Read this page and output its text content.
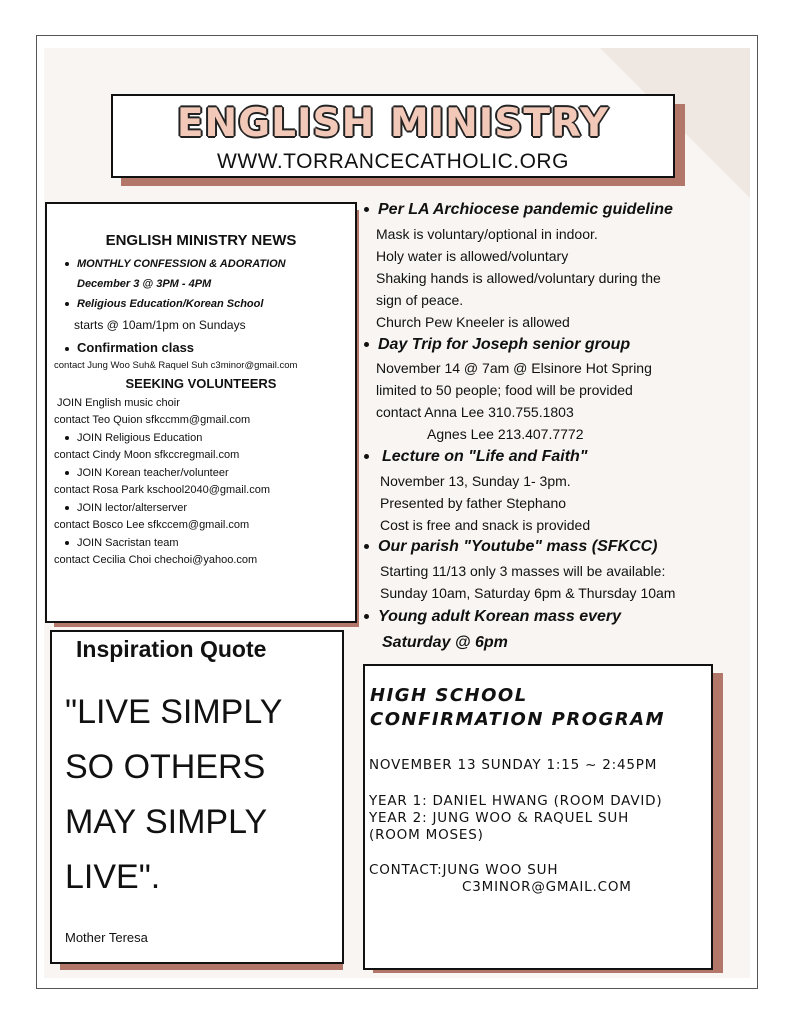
ENGLISH MINISTRY
WWW.TORRANCECATHOLIC.ORG
ENGLISH MINISTRY NEWS
MONTHLY CONFESSION & ADORATION
December 3 @ 3PM - 4PM
Religious Education/Korean School
starts @ 10am/1pm on Sundays
Confirmation class
contact Jung Woo Suh& Raquel Suh c3minor@gmail.com
SEEKING VOLUNTEERS
JOIN English music choir
contact Teo Quion sfkccmm@gmail.com
JOIN Religious Education
contact Cindy Moon sfkccregmail.com
JOIN Korean teacher/volunteer
contact Rosa Park kschool2040@gmail.com
JOIN lector/alterserver
contact Bosco Lee sfkccem@gmail.com
JOIN Sacristan team
contact Cecilia Choi chechoi@yahoo.com
Inspiration Quote
"LIVE SIMPLY SO OTHERS MAY SIMPLY LIVE".
Mother Teresa
Per LA Archiocese pandemic guideline
Mask is voluntary/optional in indoor.
Holy water is allowed/voluntary
Shaking hands is allowed/voluntary during the
sign of peace.
Church Pew Kneeler is allowed
Day Trip for Joseph senior group
November 14 @ 7am @ Elsinore Hot Spring
limited to 50 people; food will be provided
contact Anna Lee 310.755.1803
Agnes Lee 213.407.7772
Lecture on "Life and Faith"
November 13, Sunday 1- 3pm.
Presented by father Stephano
Cost is free and snack is provided
Our parish "Youtube" mass (SFKCC)
Starting 11/13 only 3 masses will be available:
Sunday 10am, Saturday 6pm & Thursday 10am
Young adult Korean mass every
Saturday @ 6pm
HIGH SCHOOL
CONFIRMATION PROGRAM
NOVEMBER 13 SUNDAY 1:15 ~ 2:45PM
YEAR 1: DANIEL HWANG (ROOM DAVID)
YEAR 2: JUNG WOO & RAQUEL SUH
(ROOM MOSES)
CONTACT:JUNG WOO SUH
C3MINOR@GMAIL.COM
